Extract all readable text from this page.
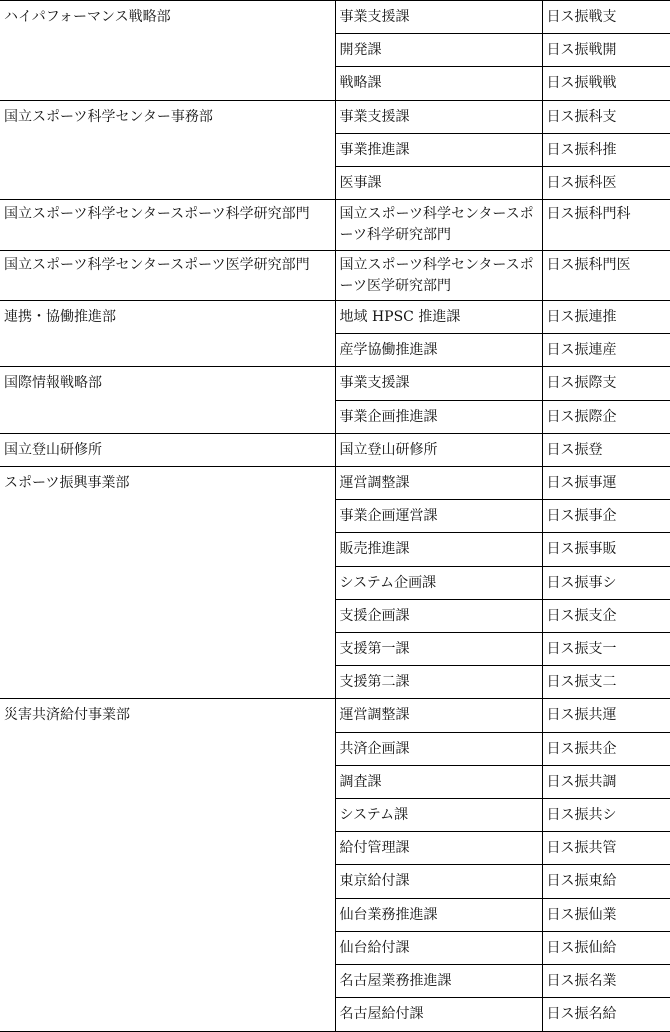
ハイパフォーマンス戦略部	事業支援課	日ス振戦支
	開発課	日ス振戦開
	戦略課	日ス振戦戦
国立スポーツ科学センター事務部	事業支援課	日ス振科支
	事業推進課	日ス振科推
	医事課	日ス振科医
国立スポーツ科学センタースポーツ科学研究部門	国立スポーツ科学センタースポーツ科学研究部門	日ス振科門科
国立スポーツ科学センタースポーツ医学研究部門	国立スポーツ科学センタースポーツ医学研究部門	日ス振科門医
連携・協働推進部	地域 HPSC 推進課	日ス振連推
	産学協働推進課	日ス振連産
国際情報戦略部	事業支援課	日ス振際支
	事業企画推進課	日ス振際企
国立登山研修所	国立登山研修所	日ス振登
スポーツ振興事業部	運営調整課	日ス振事運
	事業企画運営課	日ス振事企
	販売推進課	日ス振事販
	システム企画課	日ス振事シ
	支援企画課	日ス振支企
	支援第一課	日ス振支一
	支援第二課	日ス振支二
災害共済給付事業部	運営調整課	日ス振共運
	共済企画課	日ス振共企
	調査課	日ス振共調
	システム課	日ス振共シ
	給付管理課	日ス振共管
	東京給付課	日ス振東給
	仙台業務推進課	日ス振仙業
	仙台給付課	日ス振仙給
	名古屋業務推進課	日ス振名業
	名古屋給付課	日ス振名給
